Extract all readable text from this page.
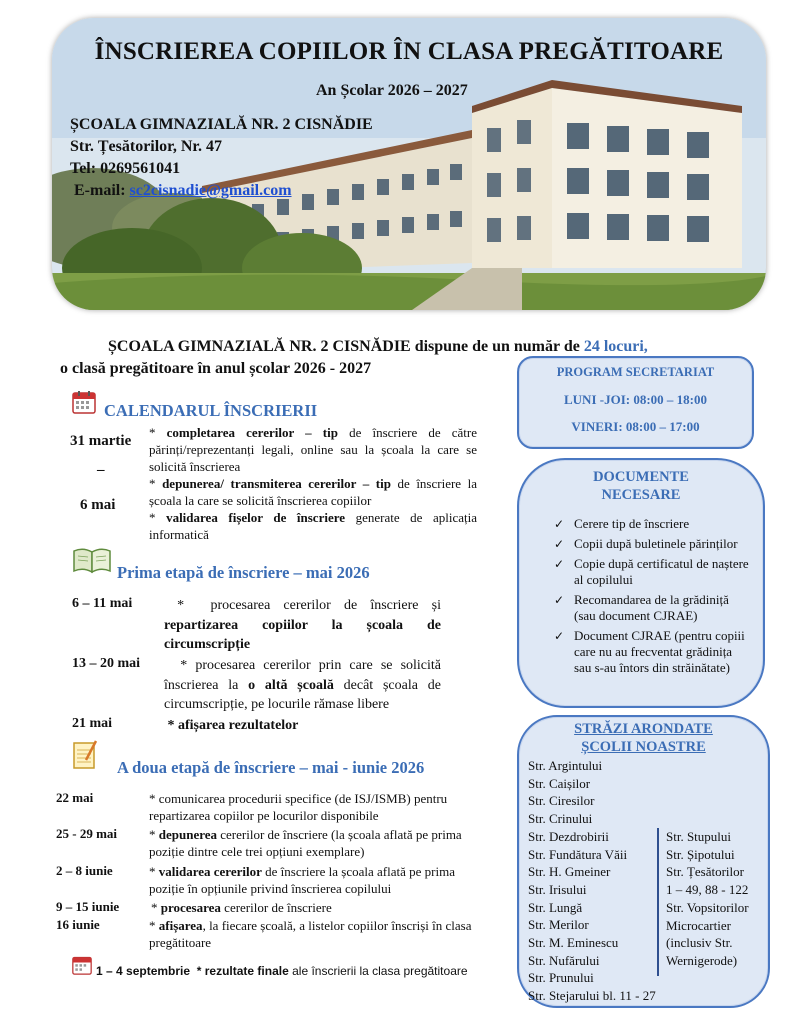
ÎNSCRIEREA COPIILOR ÎN CLASA PREGĂTITOARE
An Școlar 2026 – 2027
ȘCOALA GIMNAZIALĂ NR. 2 CISNĂDIE
Str. Țesătorilor, Nr. 47
Tel: 0269561041
E-mail: sc2cisnadie@gmail.com
ȘCOALA GIMNAZIALĂ NR. 2 CISNĂDIE dispune de un număr de 24 locuri,
o clasă pregătitoare în anul școlar 2026 - 2027
CALENDARUL ÎNSCRIERII
31 martie
–
6 mai
* completarea cererilor – tip de înscriere de către părinți/reprezentanți legali, online sau la școala la care se solicită înscrierea
* depunerea/ transmiterea cererilor – tip de înscriere la școala la care se solicită înscrierea copiilor
* validarea fișelor de înscriere generate de aplicația informatică
Prima etapă de înscriere – mai 2026
6 – 11 mai *  procesarea cererilor de înscriere și repartizarea copiilor la școala de circumscripție
13 – 20 mai * procesarea cererilor prin care se solicită înscrierea la o altă școală decât școala de circumscripție, pe locurile rămase libere
21 mai	* afișarea rezultatelor
A doua etapă de înscriere – mai - iunie 2026
22 mai	* comunicarea procedurii specifice (de ISJ/ISMB) pentru repartizarea copiilor pe locurilor disponibile
25 - 29 mai * depunerea cererilor de înscriere (la școala aflată pe prima poziție dintre cele trei opțiuni exemplare)
2 – 8 iunie	* validarea cererilor de înscriere la școala aflată pe prima poziție în opțiunile privind înscrierea copilului
9 – 15 iunie * procesarea cererilor de înscriere
16 iunie	* afișarea, la fiecare școală, a listelor copiilor înscriși în clasa pregătitoare
1 – 4 septembrie * rezultate finale ale înscrierii la clasa pregătitoare
PROGRAM SECRETARIAT
LUNI -JOI: 08:00 – 18:00
VINERI: 08:00 – 17:00
DOCUMENTE
NECESARE
✓ Cerere tip de înscriere
✓ Copii după buletinele părinților
✓ Copie după certificatul de naștere al copilului
✓ Recomandarea de la grădiniță (sau document CJRAE)
✓ Document CJRAE (pentru copiii care nu au frecventat grădinița sau s-au întors din străinătate)
STRĂZI ARONDATE
ȘCOLII NOASTRE
Str. Argintului
Str. Caișilor
Str. Ciresilor
Str. Crinului
Str. Dezdrobirii
Str. Fundătura Văii
Str. H. Gmeiner
Str. Irisului
Str. Lungă
Str. Merilor
Str. M. Eminescu
Str. Nufărului
Str. Prunului
Str. Stejarului bl. 11 - 27
Str. Stupului
Str. Șipotului
Str. Țesătorilor
1 – 49, 88 - 122
Str. Vopsitorilor
Microcartier
(inclusiv Str.
Wernigerode)
